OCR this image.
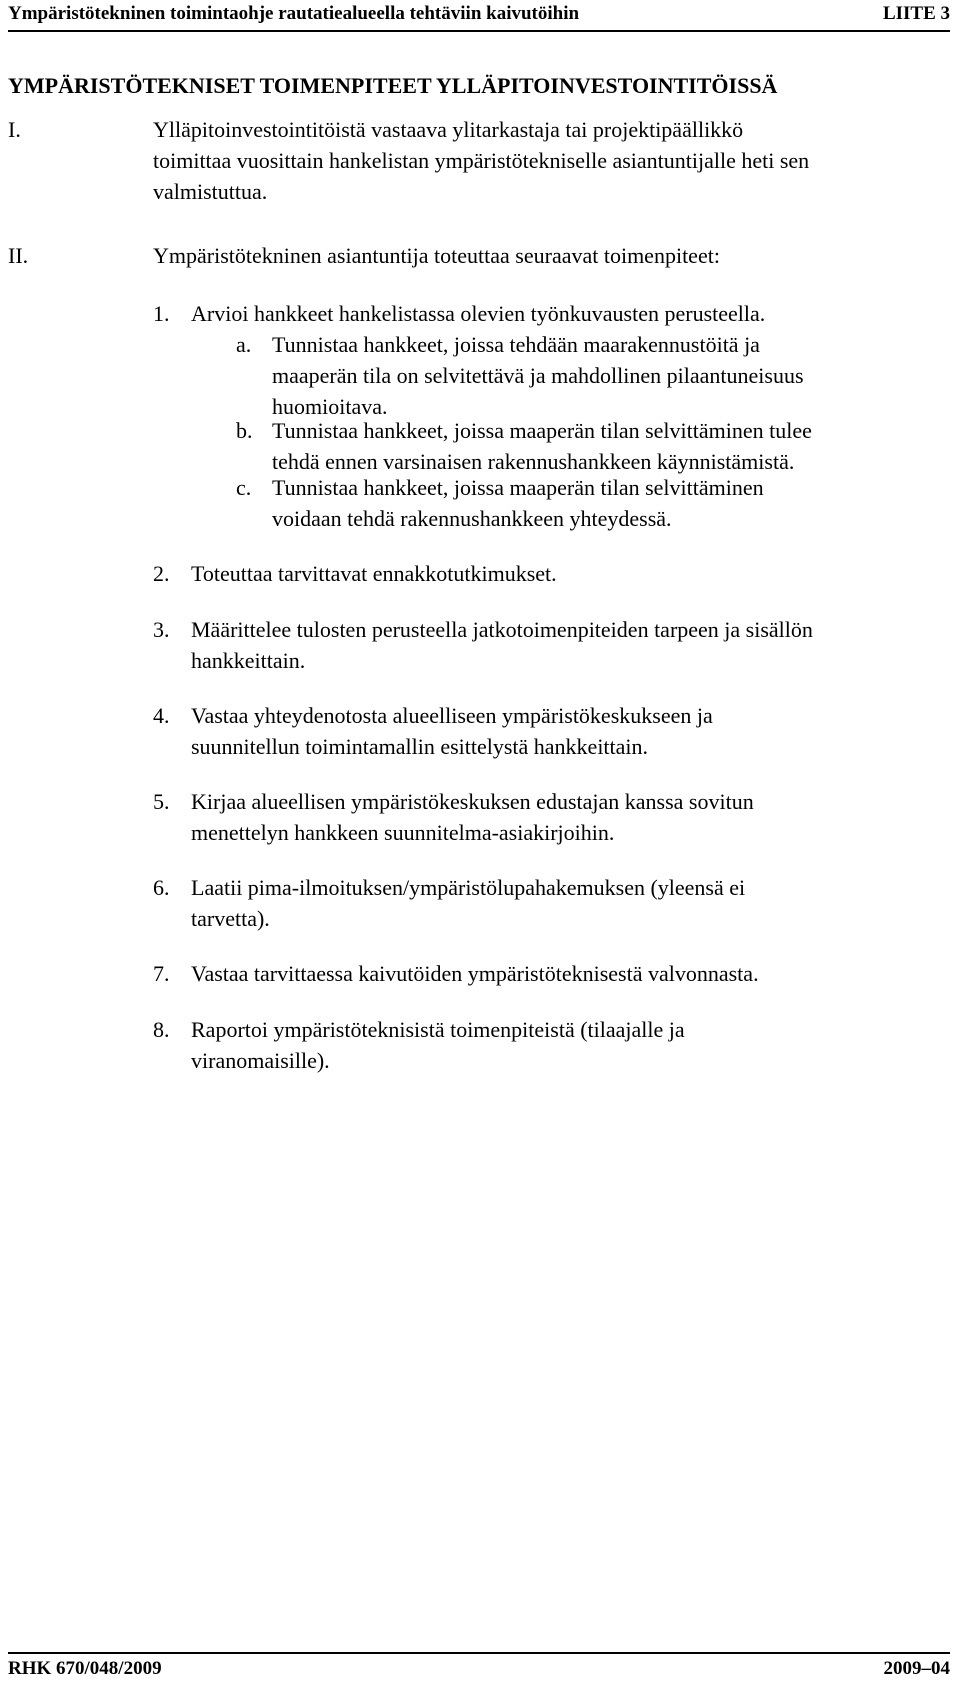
Ympäristötekninen toimintaohje rautatiealueella tehtäviin kaivutöihin	LIITE 3
YMPÄRISTÖTEKNISET TOIMENPITEET YLLÄPITOINVESTOINTITÖISSÄ
I.	Ylläpitoinvestointitöistä vastaava ylitarkastaja tai projektipäällikkö
toimittaa vuosittain hankelistan ympäristötekniselle asiantuntijalle heti sen
valmistuttua.
II.	Ympäristötekninen asiantuntija toteuttaa seuraavat toimenpiteet:
1. Arvioi hankkeet hankelistassa olevien työnkuvausten perusteella.
a. Tunnistaa hankkeet, joissa tehdään maarakennustöitä ja
maaperän tila on selvitettävä ja mahdollinen pilaantuneisuus
huomioitava.
b. Tunnistaa hankkeet, joissa maaperän tilan selvittäminen tulee
tehdä ennen varsinaisen rakennushankkeen käynnistämistä.
c. Tunnistaa hankkeet, joissa maaperän tilan selvittäminen
voidaan tehdä rakennushankkeen yhteydessä.
2. Toteuttaa tarvittavat ennakkotutkimukset.
3. Määrittelee tulosten perusteella jatkotoimenpiteiden tarpeen ja sisällön
hankkeittain.
4. Vastaa yhteydenotosta alueelliseen ympäristökeskukseen ja
suunnitellun toimintamallin esittelystä hankkeittain.
5. Kirjaa alueellisen ympäristökeskuksen edustajan kanssa sovitun
menettelyn hankkeen suunnitelma-asiakirjoihin.
6. Laatii pima-ilmoituksen/ympäristölupahakemuksen (yleensä ei
tarvetta).
7. Vastaa tarvittaessa kaivutöiden ympäristöteknisestä valvonnasta.
8. Raportoi ympäristöteknisistä toimenpiteistä (tilaajalle ja
viranomaisille).
RHK 670/048/2009	2009–04
